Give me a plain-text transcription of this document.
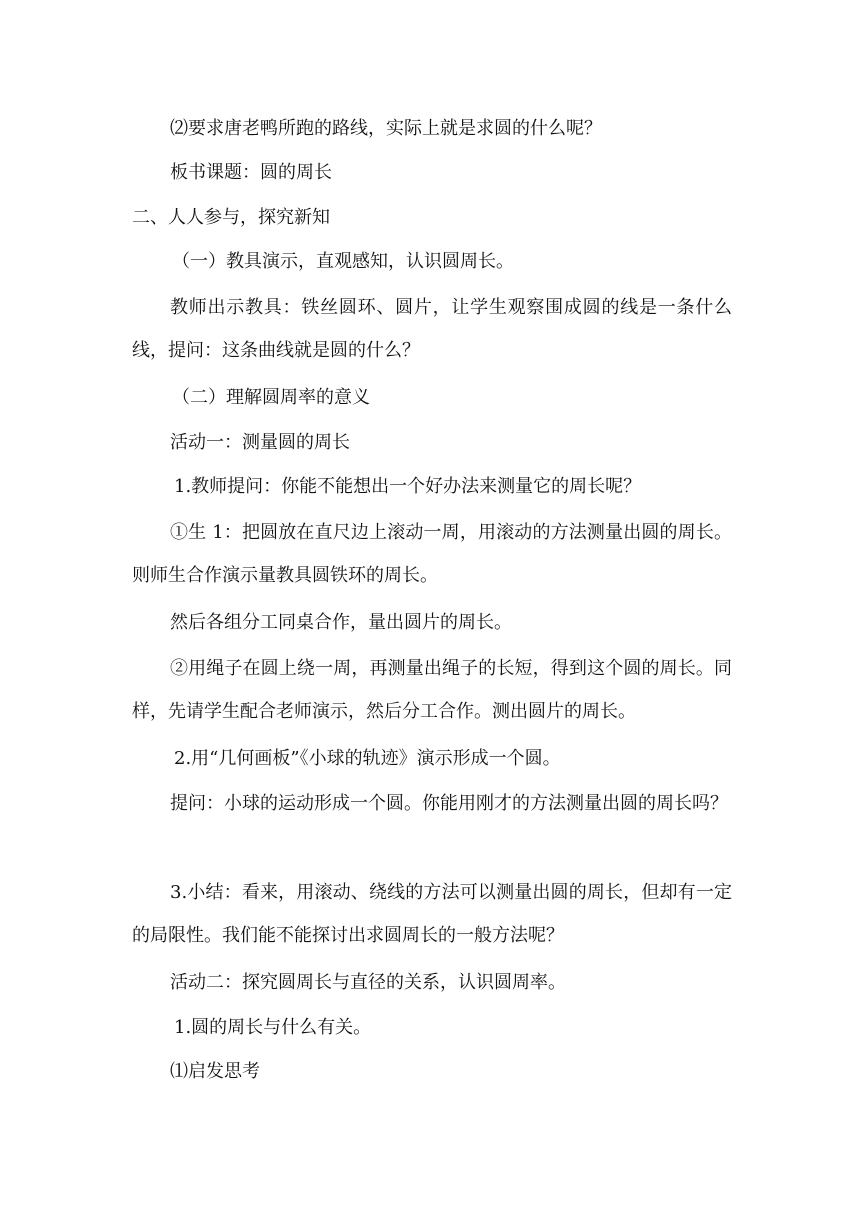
⑵要求唐老鸭所跑的路线，实际上就是求圆的什么呢？
板书课题：圆的周长
二、人人参与，探究新知
（一）教具演示，直观感知，认识圆周长。
教师出示教具：铁丝圆环、圆片，让学生观察围成圆的线是一条什么线，提问：这条曲线就是圆的什么？
（二）理解圆周率的意义
活动一：测量圆的周长
1.教师提问：你能不能想出一个好办法来测量它的周长呢？
①生 1：把圆放在直尺边上滚动一周，用滚动的方法测量出圆的周长。则师生合作演示量教具圆铁环的周长。
然后各组分工同桌合作，量出圆片的周长。
②用绳子在圆上绕一周，再测量出绳子的长短，得到这个圆的周长。同样，先请学生配合老师演示，然后分工合作。测出圆片的周长。
2.用“几何画板”《小球的轨迹》演示形成一个圆。
提问：小球的运动形成一个圆。你能用刚才的方法测量出圆的周长吗？
3.小结：看来，用滚动、绕线的方法可以测量出圆的周长，但却有一定的局限性。我们能不能探讨出求圆周长的一般方法呢？
活动二：探究圆周长与直径的关系，认识圆周率。
1.圆的周长与什么有关。
⑴启发思考
